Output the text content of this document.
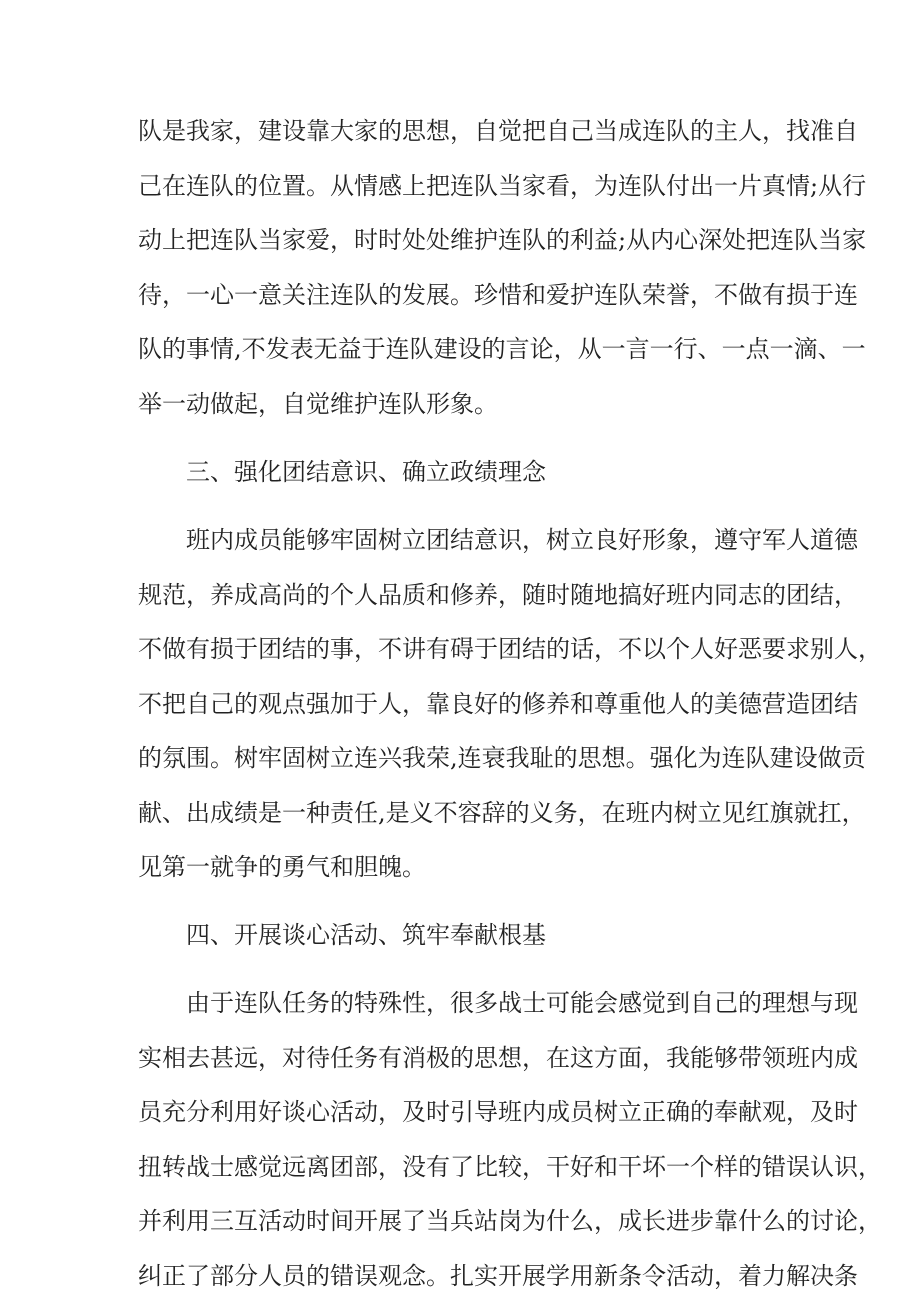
队是我家，建设靠大家的思想，自觉把自己当成连队的主人，找准自
己在连队的位置。从情感上把连队当家看，为连队付出一片真情;从行
动上把连队当家爱，时时处处维护连队的利益;从内心深处把连队当家
待，一心一意关注连队的发展。珍惜和爱护连队荣誉，不做有损于连
队的事情,不发表无益于连队建设的言论，从一言一行、一点一滴、一
举一动做起，自觉维护连队形象。
三、强化团结意识、确立政绩理念
班内成员能够牢固树立团结意识，树立良好形象，遵守军人道德
规范，养成高尚的个人品质和修养，随时随地搞好班内同志的团结，
不做有损于团结的事，不讲有碍于团结的话，不以个人好恶要求别人，
不把自己的观点强加于人，靠良好的修养和尊重他人的美德营造团结
的氛围。树牢固树立连兴我荣,连衰我耻的思想。强化为连队建设做贡
献、出成绩是一种责任,是义不容辞的义务，在班内树立见红旗就扛，
见第一就争的勇气和胆魄。
四、开展谈心活动、筑牢奉献根基
由于连队任务的特殊性，很多战士可能会感觉到自己的理想与现
实相去甚远，对待任务有消极的思想，在这方面，我能够带领班内成
员充分利用好谈心活动，及时引导班内成员树立正确的奉献观，及时
扭转战士感觉远离团部，没有了比较，干好和干坏一个样的错误认识，
并利用三互活动时间开展了当兵站岗为什么，成长进步靠什么的讨论，
纠正了部分人员的错误观念。扎实开展学用新条令活动，着力解决条
